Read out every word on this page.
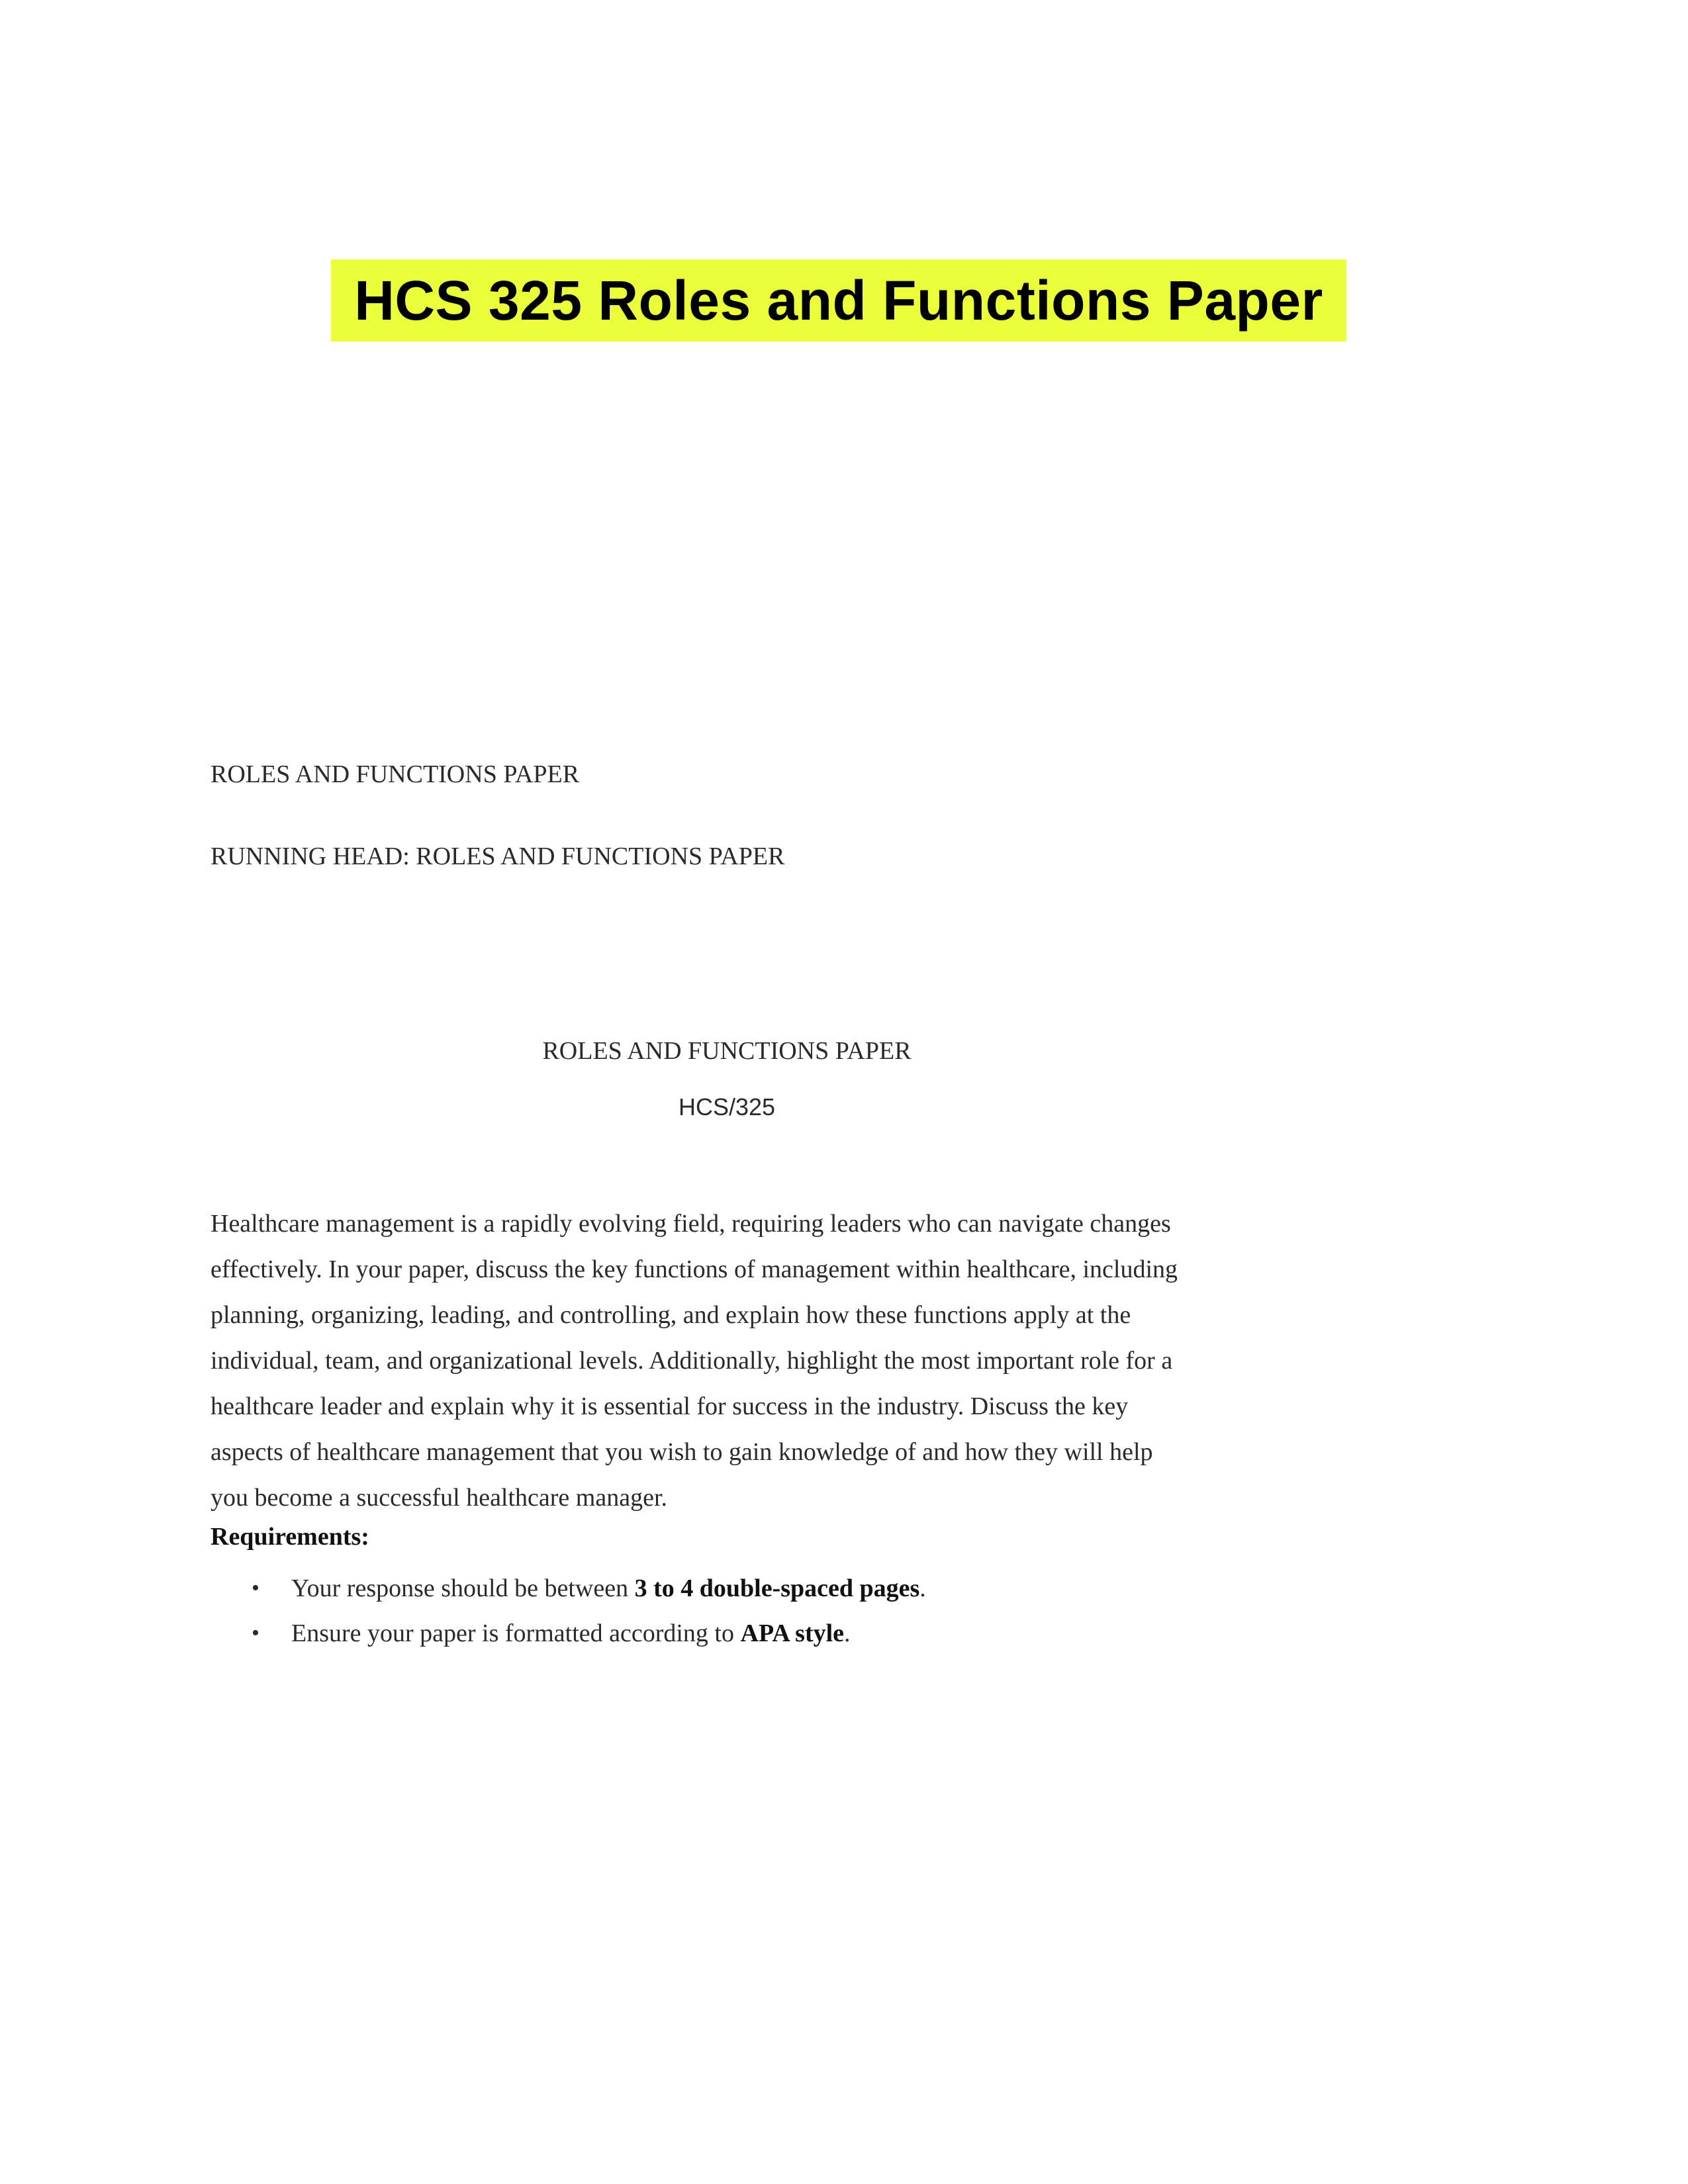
HCS 325 Roles and Functions Paper
ROLES AND FUNCTIONS PAPER
RUNNING HEAD: ROLES AND FUNCTIONS PAPER
ROLES AND FUNCTIONS PAPER
HCS/325
Healthcare management is a rapidly evolving field, requiring leaders who can navigate changes
effectively. In your paper, discuss the key functions of management within healthcare, including
planning, organizing, leading, and controlling, and explain how these functions apply at the
individual, team, and organizational levels. Additionally, highlight the most important role for a
healthcare leader and explain why it is essential for success in the industry. Discuss the key
aspects of healthcare management that you wish to gain knowledge of and how they will help
you become a successful healthcare manager.
Requirements:
• Your response should be between 3 to 4 double-spaced pages.
• Ensure your paper is formatted according to APA style.
